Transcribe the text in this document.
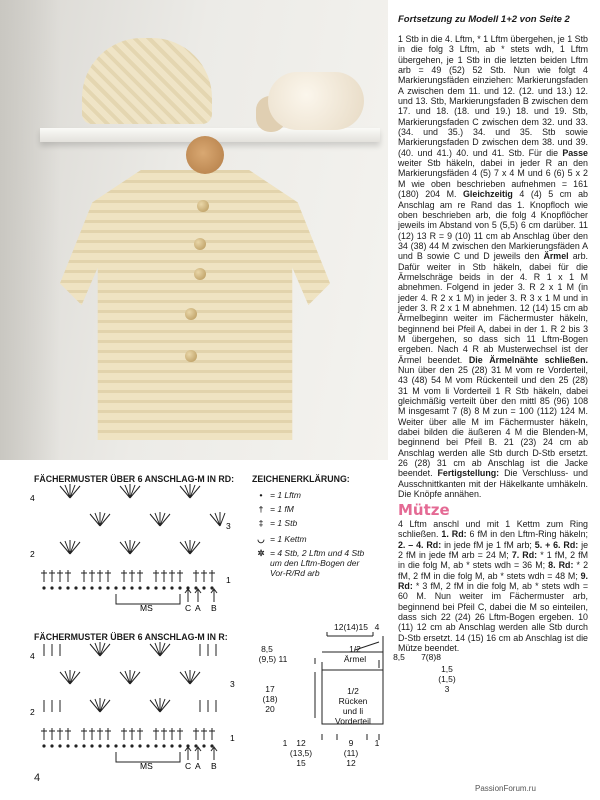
Fortsetzung zu Modell 1+2 von Seite 2

1 Stb in die 4. Lftm, * 1 Lftm übergehen, je 1 Stb in die folg 3 Lftm, ab * stets wdh, 1 Lftm übergehen, je 1 Stb in die letzten beiden Lftm arb = 49 (52) 52 Stb. Nun wie folgt 4 Markierungsfäden einziehen: Markierungsfaden A zwischen dem 11. und 12. (12. und 13.) 12. und 13. Stb, Markierungsfaden B zwischen dem 17. und 18. (18. und 19.) 18. und 19. Stb, Markierungsfaden C zwischen dem 32. und 33. (34. und 35.) 34. und 35. Stb sowie Markierungsfaden D zwischen dem 38. und 39. (40. und 41.) 40. und 41. Stb. Für die Passe weiter Stb häkeln, dabei in jeder R an den Markierungsfäden 4 (5) 7 x 4 M und 6 (6) 5 x 2 M wie oben beschrieben aufnehmen = 161 (180) 204 M. Gleichzeitig 4 (4) 5 cm ab Anschlag am re Rand das 1. Knopfloch wie oben beschrieben arb, die folg 4 Knopflöcher jeweils im Abstand von 5 (5,5) 6 cm darüber. 11 (12) 13 R = 9 (10) 11 cm ab Anschlag über den 34 (38) 44 M zwischen den Markierungsfäden A und B sowie C und D jeweils den Ärmel arb. Dafür weiter in Stb häkeln, dabei für die Ärmelschräge beids in der 4. R 1 x 1 M abnehmen. Folgend in jeder 3. R 2 x 1 M (in jeder 4. R 2 x 1 M) in jeder 3. R 3 x 1 M und in jeder 3. R 2 x 1 M abnehmen. 12 (14) 15 cm ab Ärmelbeginn weiter im Fächermuster häkeln, beginnend bei Pfeil A, dabei in der 1. R 2 bis 3 M übergehen, so dass sich 11 Lftm-Bogen ergeben. Nach 4 R ab Musterwechsel ist der Ärmel beendet. Die Ärmelnähte schließen. Nun über den 25 (28) 31 M vom re Vorderteil, 43 (48) 54 M vom Rückenteil und den 25 (28) 31 M vom li Vorderteil 1 R Stb häkeln, dabei gleichmäßig verteilt über den mittl 85 (96) 108 M insgesamt 7 (8) 8 M zun = 100 (112) 124 M. Weiter über alle M im Fächermuster häkeln, dabei bilden die äußeren 4 M die Blenden-M, beginnend bei Pfeil B. 21 (23) 24 cm ab Anschlag werden alle Stb durch D-Stb ersetzt. 26 (28) 31 cm ab Anschlag ist die Jacke beendet. Fertigstellung: Die Verschluss- und Ausschnittkanten mit der Häkelkante umhäkeln. Die Knöpfe annähen.

Mütze

4 Lftm anschl und mit 1 Kettm zum Ring schließen. 1. Rd: 6 fM in den Lftm-Ring häkeln; 2. – 4. Rd: in jede fM je 1 fM arb; 5. + 6. Rd: je 2 fM in jede fM arb = 24 M; 7. Rd: * 1 fM, 2 fM in die folg M, ab * stets wdh = 36 M; 8. Rd: * 2 fM, 2 fM in die folg M, ab * stets wdh = 48 M; 9. Rd: * 3 fM, 2 fM in die folg M, ab * stets wdh = 60 M. Nun weiter im Fächermuster arb, beginnend bei Pfeil C, dabei die M so einteilen, dass sich 22 (24) 26 Lftm-Bogen ergeben. 10 (11) 12 cm ab Anschlag werden alle Stb durch D-Stb ersetzt. 14 (15) 16 cm ab Anschlag ist die Mütze beendet.

FÄCHERMUSTER ÜBER 6 ANSCHLAG-M IN RD:
4
3
2
1
MS	C A B
ZEICHENERKLÄRUNG:
• = 1 Lftm
† = 1 fM
‡ = 1 Stb
◡ = 1 Kettm
✲ = 4 Stb, 2 Lftm und 4 Stb um den Lftm-Bogen der Vor-R/Rd arb
FÄCHERMUSTER ÜBER 6 ANSCHLAG-M IN R:
4
3
2
1
MS	C A B
12(14)15 4
8,5
(9,5) 11
17
(18)
20
1/2
Ärmel	8,5 7(8)8
1,5
(1,5)
3
1/2
Rücken
und li
Vorderteil
1 12
(13,5)
15
9
(11)
12
1
4
PassionForum.ru
